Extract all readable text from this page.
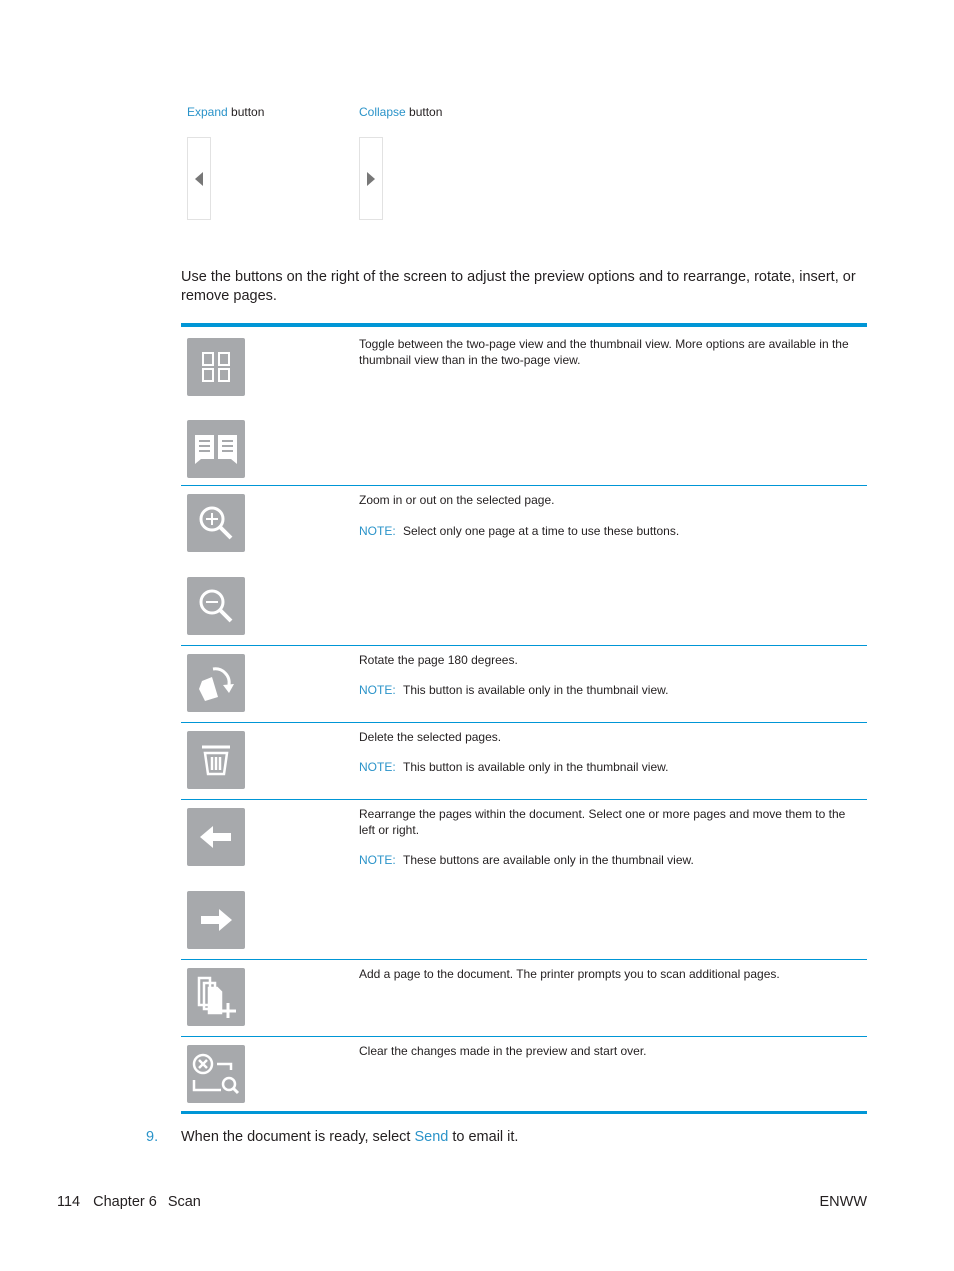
Expand button	Collapse button

Use the buttons on the right of the screen to adjust the preview options and to rearrange, rotate, insert, or remove pages.

Toggle between the two-page view and the thumbnail view. More options are available in the thumbnail view than in the two-page view.

Zoom in or out on the selected page.

NOTE: Select only one page at a time to use these buttons.

Rotate the page 180 degrees.

NOTE: This button is available only in the thumbnail view.

Delete the selected pages.

NOTE: This button is available only in the thumbnail view.

Rearrange the pages within the document. Select one or more pages and move them to the left or right.

NOTE: These buttons are available only in the thumbnail view.

Add a page to the document. The printer prompts you to scan additional pages.

Clear the changes made in the preview and start over.

9. When the document is ready, select Send to email it.

114 Chapter 6 Scan	ENWW
